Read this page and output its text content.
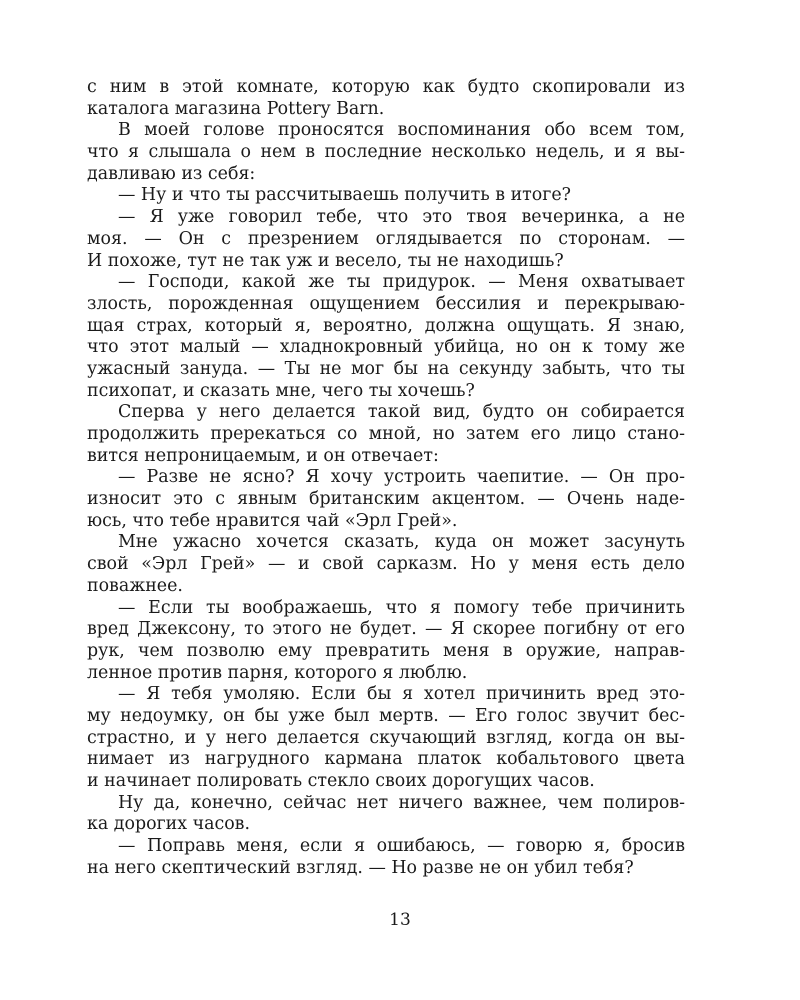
с ним в этой комнате, которую как будто скопировали из
каталога магазина Pottery Barn.
В моей голове проносятся воспоминания обо всем том,
что я слышала о нем в последние несколько недель, и я вы-
давливаю из себя:
— Ну и что ты рассчитываешь получить в итоге?
— Я уже говорил тебе, что это твоя вечеринка, а не
моя. — Он с презрением оглядывается по сторонам. —
И похоже, тут не так уж и весело, ты не находишь?
— Господи, какой же ты придурок. — Меня охватывает
злость, порожденная ощущением бессилия и перекрываю-
щая страх, который я, вероятно, должна ощущать. Я знаю,
что этот малый — хладнокровный убийца, но он к тому же
ужасный зануда. — Ты не мог бы на секунду забыть, что ты
психопат, и сказать мне, чего ты хочешь?
Сперва у него делается такой вид, будто он собирается
продолжить пререкаться со мной, но затем его лицо стано-
вится непроницаемым, и он отвечает:
— Разве не ясно? Я хочу устроить чаепитие. — Он про-
износит это с явным британским акцентом. — Очень наде-
юсь, что тебе нравится чай «Эрл Грей».
Мне ужасно хочется сказать, куда он может засунуть
свой «Эрл Грей» — и свой сарказм. Но у меня есть дело
поважнее.
— Если ты воображаешь, что я помогу тебе причинить
вред Джексону, то этого не будет. — Я скорее погибну от его
рук, чем позволю ему превратить меня в оружие, направ-
ленное против парня, которого я люблю.
— Я тебя умоляю. Если бы я хотел причинить вред это-
му недоумку, он бы уже был мертв. — Его голос звучит бес-
страстно, и у него делается скучающий взгляд, когда он вы-
нимает из нагрудного кармана платок кобальтового цвета
и начинает полировать стекло своих дорогущих часов.
Ну да, конечно, сейчас нет ничего важнее, чем полиров-
ка дорогих часов.
— Поправь меня, если я ошибаюсь, — говорю я, бросив
на него скептический взгляд. — Но разве не он убил тебя?
13
